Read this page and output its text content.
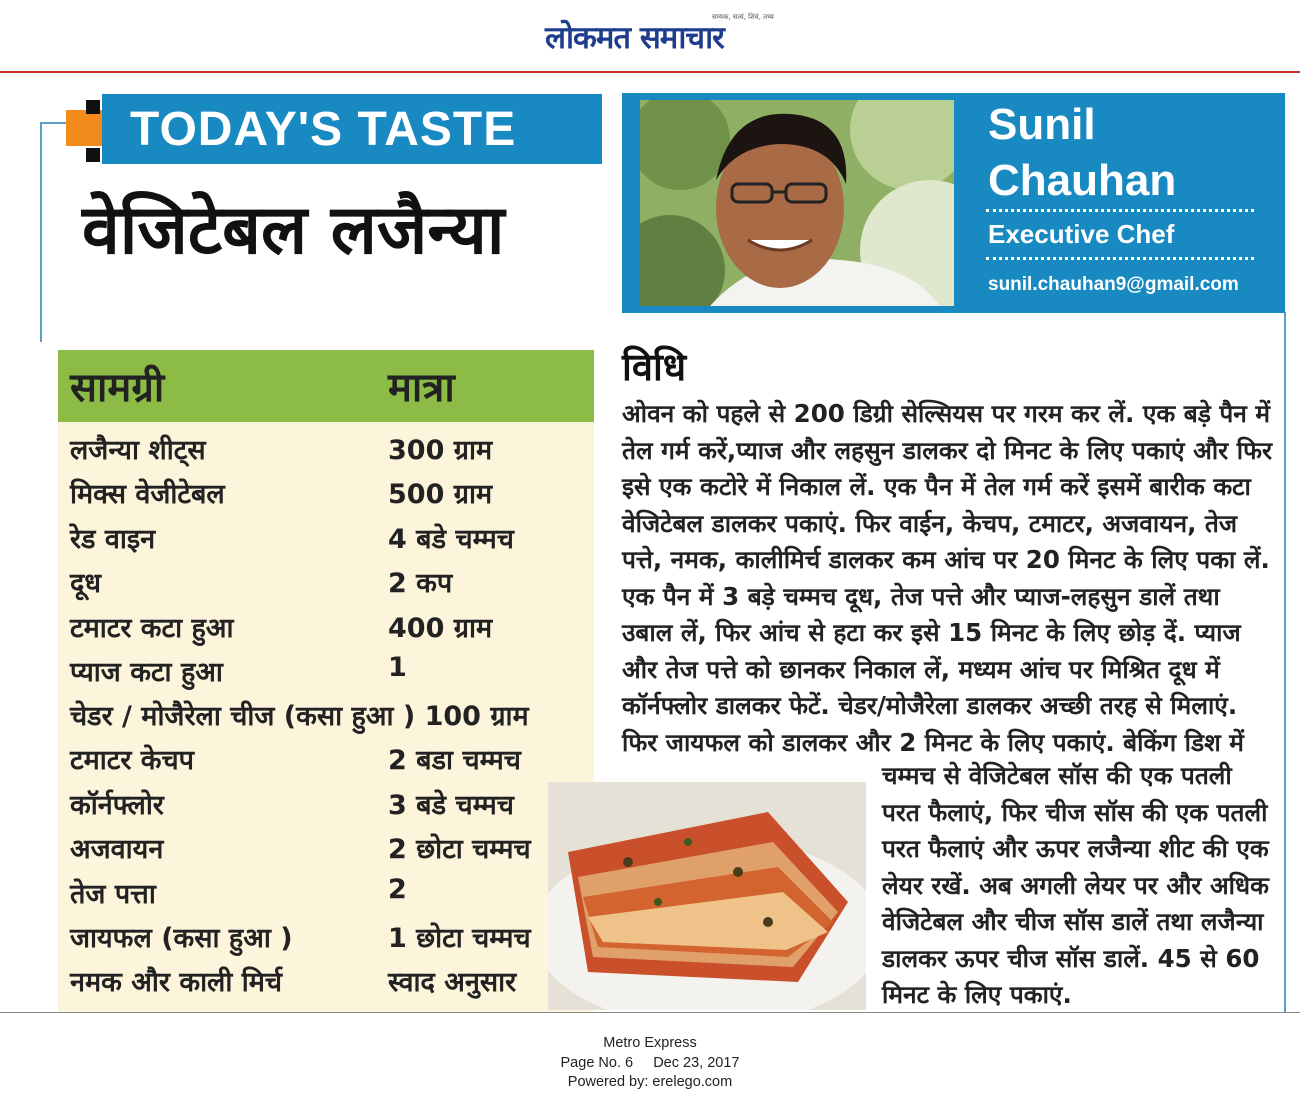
लोकमत समाचार
सम्यक, सत्यं, शिवं, तथ्य
TODAY'S TASTE
वेजिटेबल लजैन्या
Sunil
Chauhan
Executive Chef
sunil.chauhan9@gmail.com
सामग्री	मात्रा
लजैन्या शीट्स	300 ग्राम
मिक्स वेजीटेबल	500 ग्राम
रेड वाइन	4 बडे चम्मच
दूध	2 कप
टमाटर कटा हुआ	400 ग्राम
प्याज कटा हुआ	1
चेडर / मोजैरेला चीज (कसा हुआ ) 100 ग्राम
टमाटर केचप	2 बडा चम्मच
कॉर्नफ्लोर	3 बडे चम्मच
अजवायन	2 छोटा चम्मच
तेज पत्ता	2
जायफल (कसा हुआ )	1 छोटा चम्मच
नमक और काली मिर्च	स्वाद अनुसार
विधि
ओवन को पहले से 200 डिग्री सेल्सियस पर गरम कर लें. एक बड़े पैन में तेल गर्म करें,प्याज और लहसुन डालकर दो मिनट के लिए पकाएं और फिर इसे एक कटोरे में निकाल लें. एक पैन में तेल गर्म करें इसमें बारीक कटा वेजिटेबल डालकर पकाएं. फिर वाईन, केचप, टमाटर, अजवायन, तेज पत्ते, नमक, कालीमिर्च डालकर कम आंच पर 20 मिनट के लिए पका लें. एक पैन में 3 बड़े चम्मच दूध, तेज पत्ते और प्याज-लहसुन डालें तथा उबाल लें, फिर आंच से हटा कर इसे 15 मिनट के लिए छोड़ दें. प्याज और तेज पत्ते को छानकर निकाल लें, मध्यम आंच पर मिश्रित दूध में कॉर्नफ्लोर डालकर फेटें. चेडर/मोजैरेला डालकर अच्छी तरह से मिलाएं. फिर जायफल को डालकर और 2 मिनट के लिए पकाएं. बेकिंग डिश में
चम्मच से वेजिटेबल सॉस की एक पतली परत फैलाएं, फिर चीज सॉस की एक पतली परत फैलाएं और ऊपर लजैन्या शीट की एक लेयर रखें. अब अगली लेयर पर और अधिक वेजिटेबल और चीज सॉस डालें तथा लजैन्या डालकर ऊपर चीज सॉस डालें. 45 से 60 मिनट के लिए पकाएं.
Metro Express
Page No. 6     Dec 23, 2017
Powered by: erelego.com
